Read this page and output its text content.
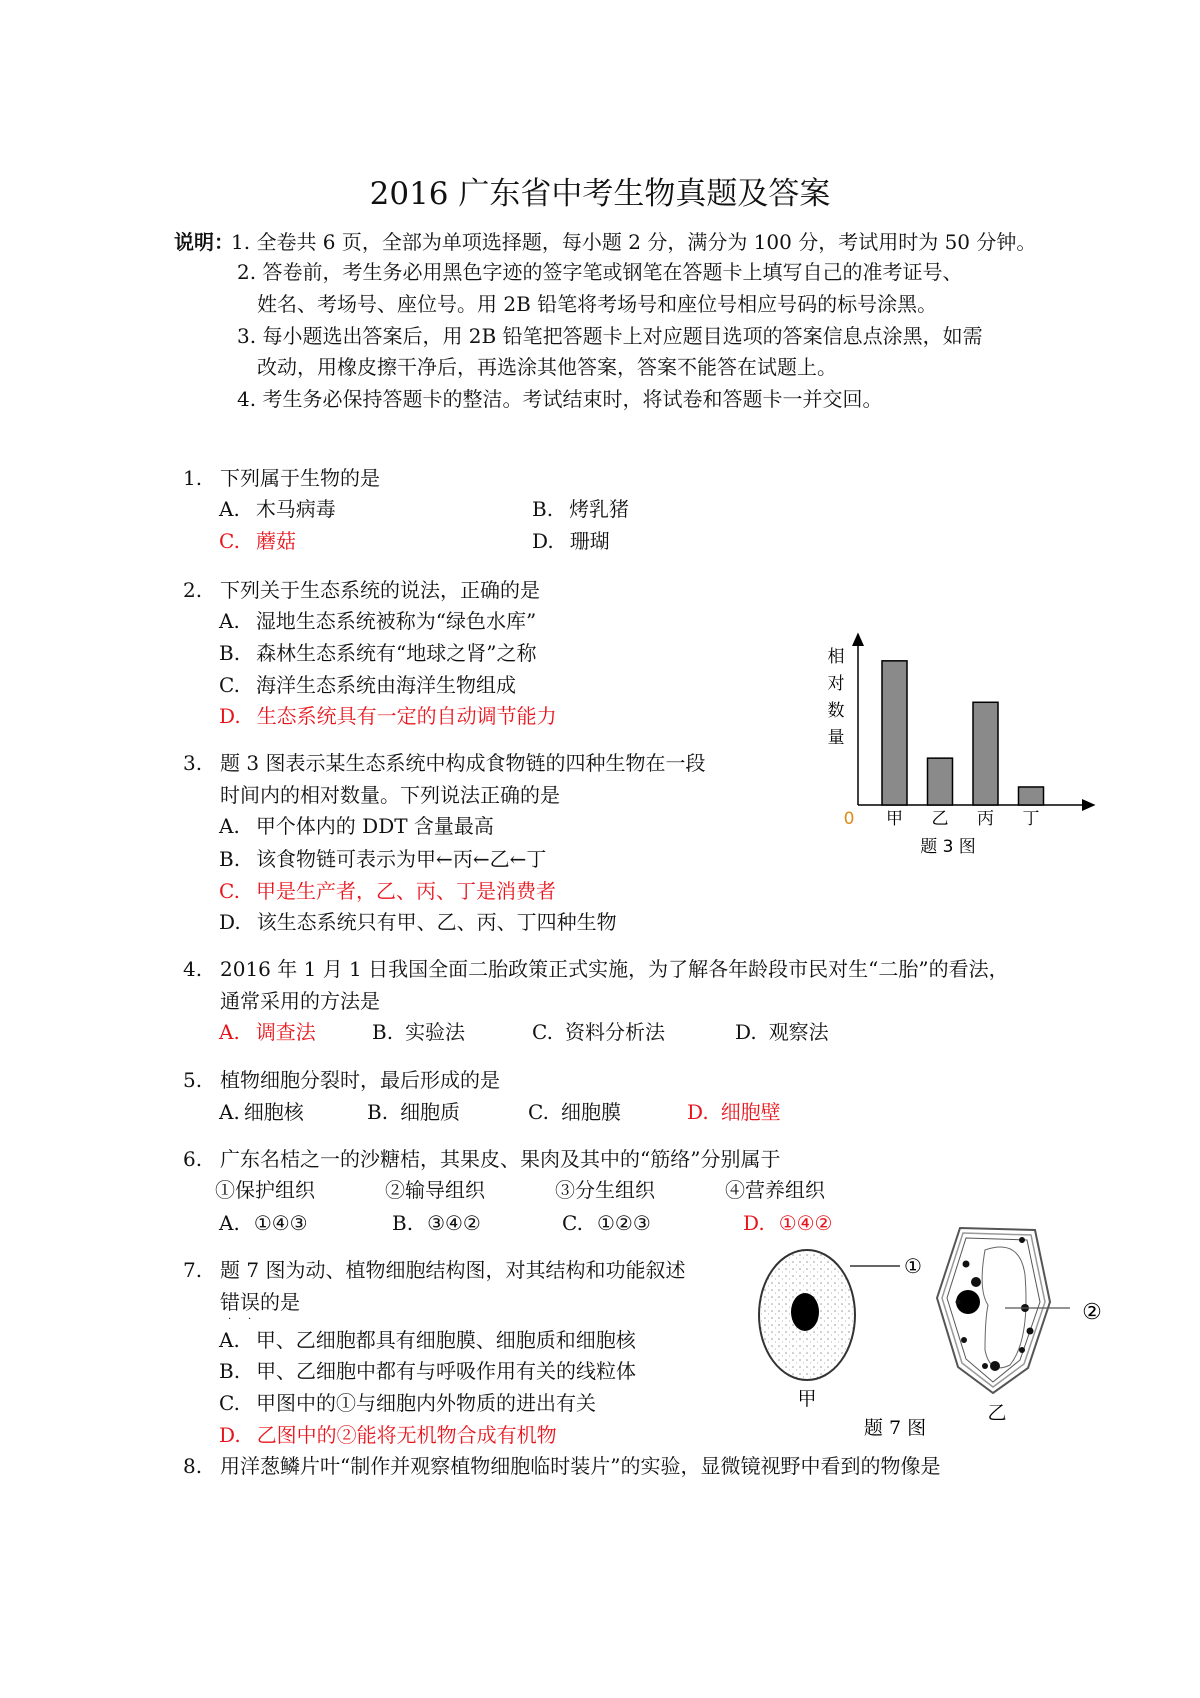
2016 广东省中考生物真题及答案
说明：
1. 全卷共 6 页，全部为单项选择题，每小题 2 分，满分为 100 分，考试用时为 50 分钟。
2. 答卷前，考生务必用黑色字迹的签字笔或钢笔在答题卡上填写自己的准考证号、
姓名、考场号、座位号。用 2B 铅笔将考场号和座位号相应号码的标号涂黑。
3. 每小题选出答案后，用 2B 铅笔把答题卡上对应题目选项的答案信息点涂黑，如需
改动，用橡皮擦干净后，再选涂其他答案，答案不能答在试题上。
4. 考生务必保持答题卡的整洁。考试结束时，将试卷和答题卡一并交回。
1. 下列属于生物的是
A. 木马病毒	B. 烤乳猪
C. 蘑菇	D. 珊瑚
2. 下列关于生态系统的说法，正确的是
A. 湿地生态系统被称为“绿色水库”
B. 森林生态系统有“地球之肾”之称
C. 海洋生态系统由海洋生物组成
D. 生态系统具有一定的自动调节能力
3. 题 3 图表示某生态系统中构成食物链的四种生物在一段
时间内的相对数量。下列说法正确的是
A. 甲个体内的 DDT 含量最高
B. 该食物链可表示为甲←丙←乙←丁
C. 甲是生产者，乙、丙、丁是消费者
D. 该生态系统只有甲、乙、丙、丁四种生物
0 甲 乙 丙 丁
相
对
数
量
题 3 图
4. 2016 年 1 月 1 日我国全面二胎政策正式实施，为了解各年龄段市民对生“二胎”的看法，
通常采用的方法是
A. 调查法	B. 实验法	C. 资料分析法	D. 观察法
5. 植物细胞分裂时，最后形成的是
A. 细胞核	B. 细胞质	C. 细胞膜	D. 细胞壁
6. 广东名桔之一的沙糖桔，其果皮、果肉及其中的“筋络”分别属于
①保护组织	②输导组织	③分生组织	④营养组织
A. ①④③	B. ③④②	C. ①②③	D. ①④②
7. 题 7 图为动、植物细胞结构图，对其结构和功能叙述
错误的是
· ·
A. 甲、乙细胞都具有细胞膜、细胞质和细胞核
B. 甲、乙细胞中都有与呼吸作用有关的线粒体
C. 甲图中的①与细胞内外物质的进出有关
D. 乙图中的②能将无机物合成有机物
①
甲
②
乙
题 7 图
8. 用洋葱鳞片叶“制作并观察植物细胞临时装片”的实验，显微镜视野中看到的物像是
